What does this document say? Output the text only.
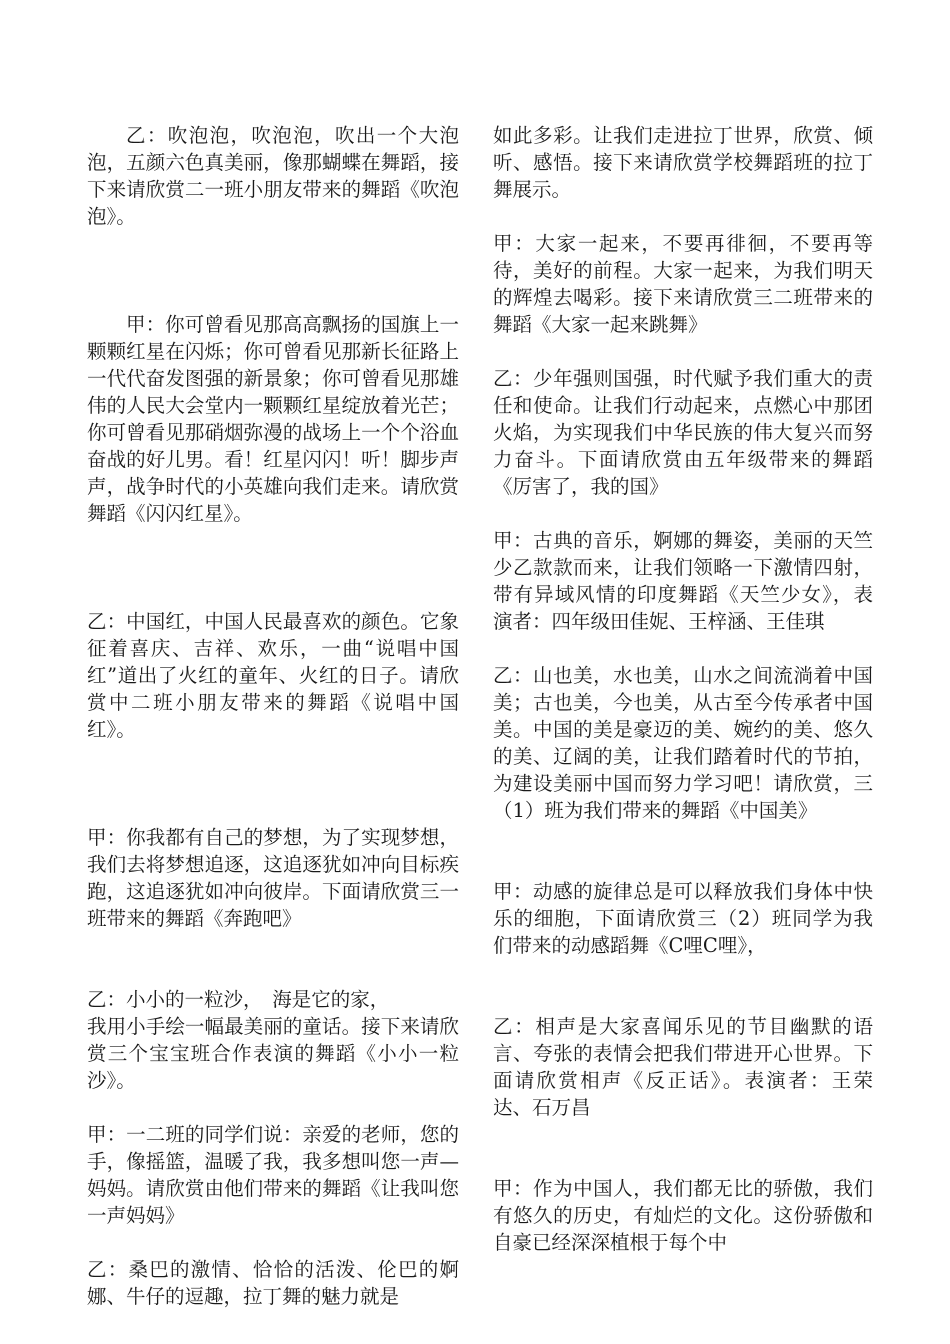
乙：吹泡泡，吹泡泡，吹出一个大泡泡，五颜六色真美丽，像那蝴蝶在舞蹈，接下来请欣赏二一班小朋友带来的舞蹈《吹泡泡》。

甲：你可曾看见那高高飘扬的国旗上一颗颗红星在闪烁；你可曾看见那新长征路上一代代奋发图强的新景象；你可曾看见那雄伟的人民大会堂内一颗颗红星绽放着光芒；你可曾看见那硝烟弥漫的战场上一个个浴血奋战的好儿男。看！红星闪闪！听！脚步声声，战争时代的小英雄向我们走来。请欣赏舞蹈《闪闪红星》。

乙：中国红，中国人民最喜欢的颜色。它象征着喜庆、吉祥、欢乐，一曲“说唱中国红”道出了火红的童年、火红的日子。请欣赏中二班小朋友带来的舞蹈《说唱中国红》。

甲：你我都有自己的梦想，为了实现梦想，我们去将梦想追逐，这追逐犹如冲向目标疾跑，这追逐犹如冲向彼岸。下面请欣赏三一班带来的舞蹈《奔跑吧》

乙：小小的一粒沙，　海是它的家，
我用小手绘一幅最美丽的童话。接下来请欣赏三个宝宝班合作表演的舞蹈《小小一粒沙》。

甲：一二班的同学们说：亲爱的老师，您的手，像摇篮，温暖了我，我多想叫您一声—妈妈。请欣赏由他们带来的舞蹈《让我叫您一声妈妈》

乙：桑巴的激情、恰恰的活泼、伦巴的婀娜、牛仔的逗趣，拉丁舞的魅力就是

如此多彩。让我们走进拉丁世界，欣赏、倾听、感悟。接下来请欣赏学校舞蹈班的拉丁舞展示。

甲：大家一起来，不要再徘徊，不要再等待，美好的前程。大家一起来，为我们明天的辉煌去喝彩。接下来请欣赏三二班带来的舞蹈《大家一起来跳舞》

乙：少年强则国强，时代赋予我们重大的责任和使命。让我们行动起来，点燃心中那团火焰，为实现我们中华民族的伟大复兴而努力奋斗。下面请欣赏由五年级带来的舞蹈《厉害了，我的国》

甲：古典的音乐，婀娜的舞姿，美丽的天竺少乙款款而来，让我们领略一下激情四射，带有异域风情的印度舞蹈《天竺少女》，表演者：四年级田佳妮、王梓涵、王佳琪

乙：山也美，水也美，山水之间流淌着中国美；古也美，今也美，从古至今传承者中国美。中国的美是豪迈的美、婉约的美、悠久的美、辽阔的美，让我们踏着时代的节拍，为建设美丽中国而努力学习吧！请欣赏，三（1）班为我们带来的舞蹈《中国美》

甲：动感的旋律总是可以释放我们身体中快乐的细胞，下面请欣赏三（2）班同学为我们带来的动感蹈舞《C哩C哩》，

乙：相声是大家喜闻乐见的节目幽默的语言、夸张的表情会把我们带进开心世界。下面请欣赏相声《反正话》。表演者：王荣达、石万昌

甲：作为中国人，我们都无比的骄傲，我们有悠久的历史，有灿烂的文化。这份骄傲和自豪已经深深植根于每个中
